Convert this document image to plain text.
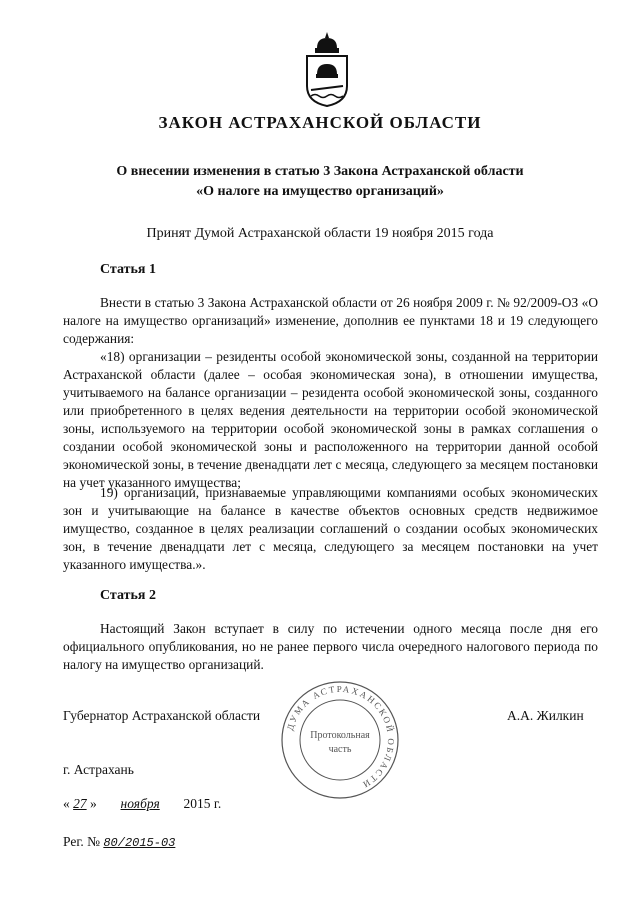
ЗАКОН АСТРАХАНСКОЙ ОБЛАСТИ
О внесении изменения в статью 3 Закона Астраханской области
«О налоге на имущество организаций»
Принят Думой Астраханской области 19 ноября 2015 года
Статья 1

Внести в статью 3 Закона Астраханской области от 26 ноября 2009 г. № 92/2009-ОЗ «О налоге на имущество организаций» изменение, дополнив ее пунктами 18 и 19 следующего содержания:

«18) организации – резиденты особой экономической зоны, созданной на территории Астраханской области (далее – особая экономическая зона), в отношении имущества, учитываемого на балансе организации – резидента особой экономической зоны, созданного или приобретенного в целях ведения деятельности на территории особой экономической зоны, используемого на территории особой экономической зоны в рамках соглашения о создании особой экономической зоны и расположенного на территории данной особой экономической зоны, в течение двенадцати лет с месяца, следующего за месяцем постановки на учет указанного имущества;

19) организации, признаваемые управляющими компаниями особых экономических зон и учитывающие на балансе в качестве объектов основных средств недвижимое имущество, созданное в целях реализации соглашений о создании особых экономических зон, в течение двенадцати лет с месяца, следующего за месяцем постановки на учет указанного имущества.».

Статья 2

Настоящий Закон вступает в силу по истечении одного месяца после дня его официального опубликования, но не ранее первого числа очередного налогового периода по налогу на имущество организаций.

Губернатор Астраханской области	А.А. Жилкин
ДУМА АСТРАХАНСКОЙ ОБЛАСТИ
Протокольная
часть
г. Астрахань
« 27 » ноября 2015 г.
Рег. № 80/2015-03
